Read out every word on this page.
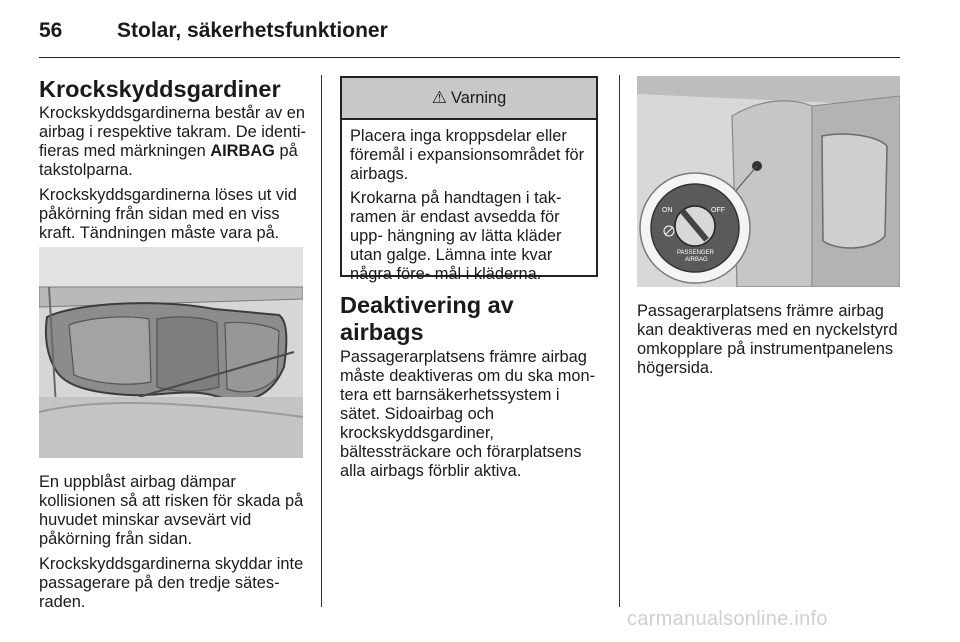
56	Stolar, säkerhetsfunktioner
Krockskyddsgardiner

Krockskyddsgardinerna består av en airbag i respektive takram. De identi- fieras med märkningen AIRBAG på takstolparna.

Krockskyddsgardinerna löses ut vid påkörning från sidan med en viss kraft. Tändningen måste vara på.

En uppblåst airbag dämpar kollisionen så att risken för skada på huvudet minskar avsevärt vid påkörning från sidan.

Krockskyddsgardinerna skyddar inte passagerare på den tredje sätes- raden.

⚠ Varning

Placera inga kroppsdelar eller föremål i expansionsområdet för airbags.

Krokarna på handtagen i tak- ramen är endast avsedda för upp- hängning av lätta kläder utan galge. Lämna inte kvar några före- mål i kläderna.

Deaktivering av airbags

Passagerarplatsens främre airbag måste deaktiveras om du ska mon- tera ett barnsäkerhetssystem i sätet. Sidoairbag och krockskyddsgardiner, bältessträckare och förarplatsens alla airbags förblir aktiva.

ON	OFF
PASSENGER
AIRBAG

Passagerarplatsens främre airbag kan deaktiveras med en nyckelstyrd omkopplare på instrumentpanelens högersida.

carmanualsonline.info
